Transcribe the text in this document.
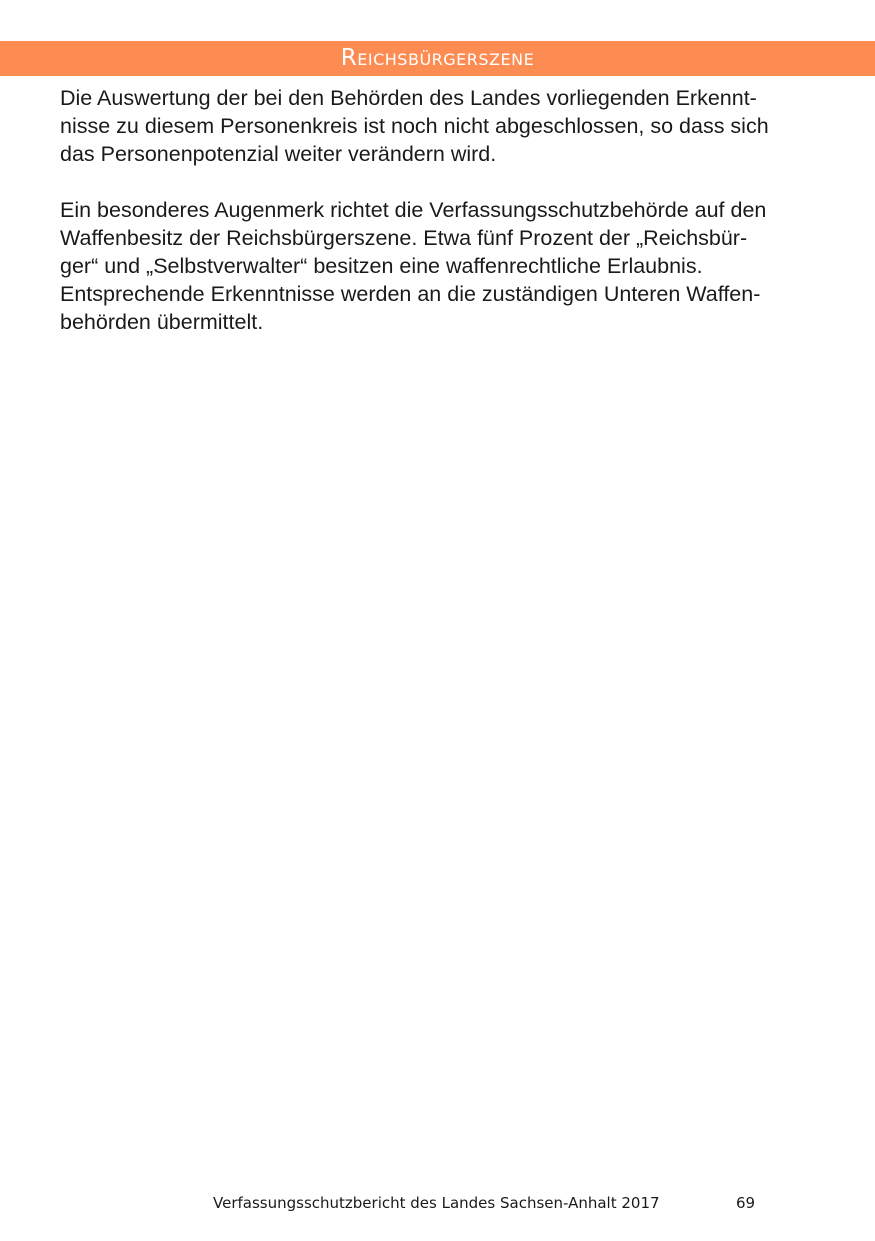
Reichsbürgerszene

Die Auswertung der bei den Behörden des Landes vorliegenden Erkennt-
nisse zu diesem Personenkreis ist noch nicht abgeschlossen, so dass sich
das Personenpotenzial weiter verändern wird.

Ein besonderes Augenmerk richtet die Verfassungsschutzbehörde auf den
Waffenbesitz der Reichsbürgerszene. Etwa fünf Prozent der „Reichsbür-
ger“ und „Selbstverwalter“ besitzen eine waffenrechtliche Erlaubnis.
Entsprechende Erkenntnisse werden an die zuständigen Unteren Waffen-
behörden übermittelt.

Verfassungsschutzbericht des Landes Sachsen-Anhalt 2017	69
